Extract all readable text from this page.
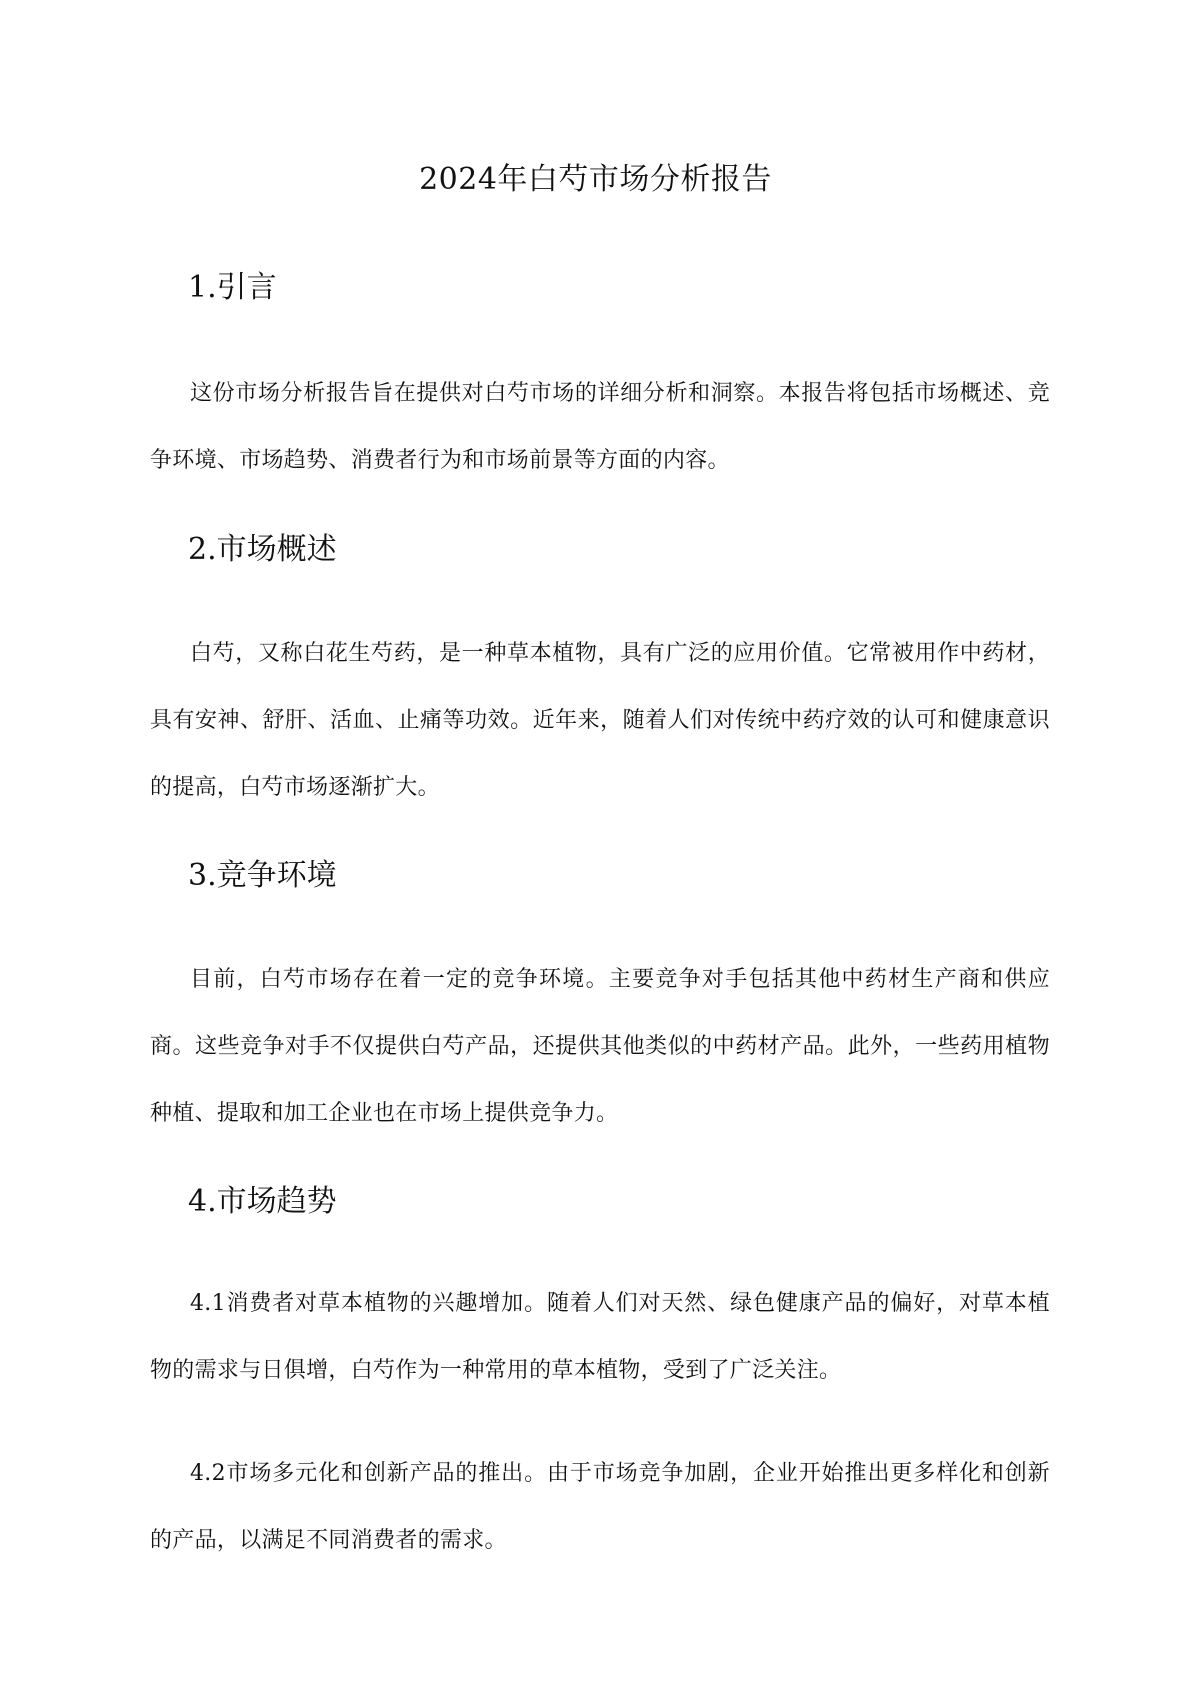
2024年白芍市场分析报告
1.引言

这份市场分析报告旨在提供对白芍市场的详细分析和洞察。本报告将包括市场概述、竞争环境、市场趋势、消费者行为和市场前景等方面的内容。

2.市场概述

白芍，又称白花生芍药，是一种草本植物，具有广泛的应用价值。它常被用作中药材，具有安神、舒肝、活血、止痛等功效。近年来，随着人们对传统中药疗效的认可和健康意识的提高，白芍市场逐渐扩大。

3.竞争环境

目前，白芍市场存在着一定的竞争环境。主要竞争对手包括其他中药材生产商和供应商。这些竞争对手不仅提供白芍产品，还提供其他类似的中药材产品。此外，一些药用植物种植、提取和加工企业也在市场上提供竞争力。

4.市场趋势

4.1消费者对草本植物的兴趣增加。随着人们对天然、绿色健康产品的偏好，对草本植物的需求与日俱增，白芍作为一种常用的草本植物，受到了广泛关注。

4.2市场多元化和创新产品的推出。由于市场竞争加剧，企业开始推出更多样化和创新的产品，以满足不同消费者的需求。
